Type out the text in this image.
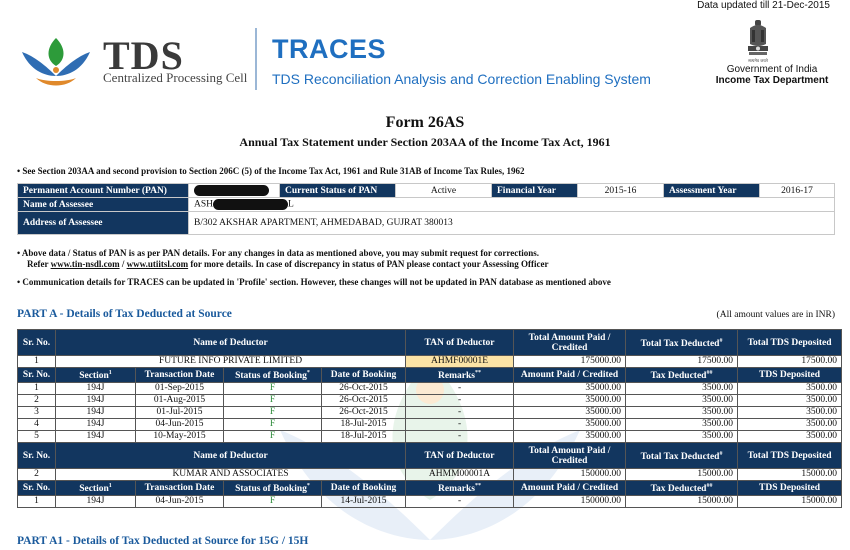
Data updated till 21-Dec-2015
TDS
Centralized Processing Cell
TRACES
TDS Reconciliation Analysis and Correction Enabling System
सत्यमेव जयते
Government of India
Income Tax Department
Form 26AS
Annual Tax Statement under Section 203AA of the Income Tax Act, 1961
• See Section 203AA and second provision to Section 206C (5) of the Income Tax Act, 1961 and Rule 31AB of Income Tax Rules, 1962
Permanent Account Number (PAN)		Current Status of PAN	Active	Financial Year	2015-16	Assessment Year	2016-17
Name of Assessee	ASH L						
Address of Assessee	B/302 AKSHAR APARTMENT, AHMEDABAD, GUJRAT 380013						
• Above data / Status of PAN is as per PAN details. For any changes in data as mentioned above, you may submit request for corrections.
Refer www.tin-nsdl.com / www.utiitsl.com for more details. In case of discrepancy in status of PAN please contact your Assessing Officer
• Communication details for TRACES can be updated in 'Profile' section. However, these changes will not be updated in PAN database as mentioned above
PART A - Details of Tax Deducted at Source	(All amount values are in INR)
Sr. No.	Name of Deductor				TAN of Deductor	Total Amount Paid / Credited	Total Tax Deducted#	Total TDS Deposited
1	FUTURE INFO PRIVATE LIMITED				AHMF00001E	175000.00	17500.00	17500.00
Sr. No.	Section$^1$	Transaction Date	Status of Booking*	Date of Booking	Remarks**	Amount Paid / Credited	Tax Deducted##	TDS Deposited
1	194J	01-Sep-2015	F	26-Oct-2015	-	35000.00	3500.00	3500.00
2	194J	01-Aug-2015	F	26-Oct-2015	-	35000.00	3500.00	3500.00
3	194J	01-Jul-2015	F	26-Oct-2015	-	35000.00	3500.00	3500.00
4	194J	04-Jun-2015	F	18-Jul-2015	-	35000.00	3500.00	3500.00
5	194J	10-May-2015	F	18-Jul-2015	-	35000.00	3500.00	3500.00
Sr. No.	Name of Deductor				TAN of Deductor	Total Amount Paid / Credited	Total Tax Deducted#	Total TDS Deposited
2	KUMAR AND ASSOCIATES				AHMM00001A	150000.00	15000.00	15000.00
Sr. No.	Section$^1$	Transaction Date	Status of Booking*	Date of Booking	Remarks**	Amount Paid / Credited	Tax Deducted##	TDS Deposited
1	194J	04-Jun-2015	F	14-Jul-2015	-	150000.00	15000.00	15000.00
PART A1 - Details of Tax Deducted at Source for 15G / 15H
